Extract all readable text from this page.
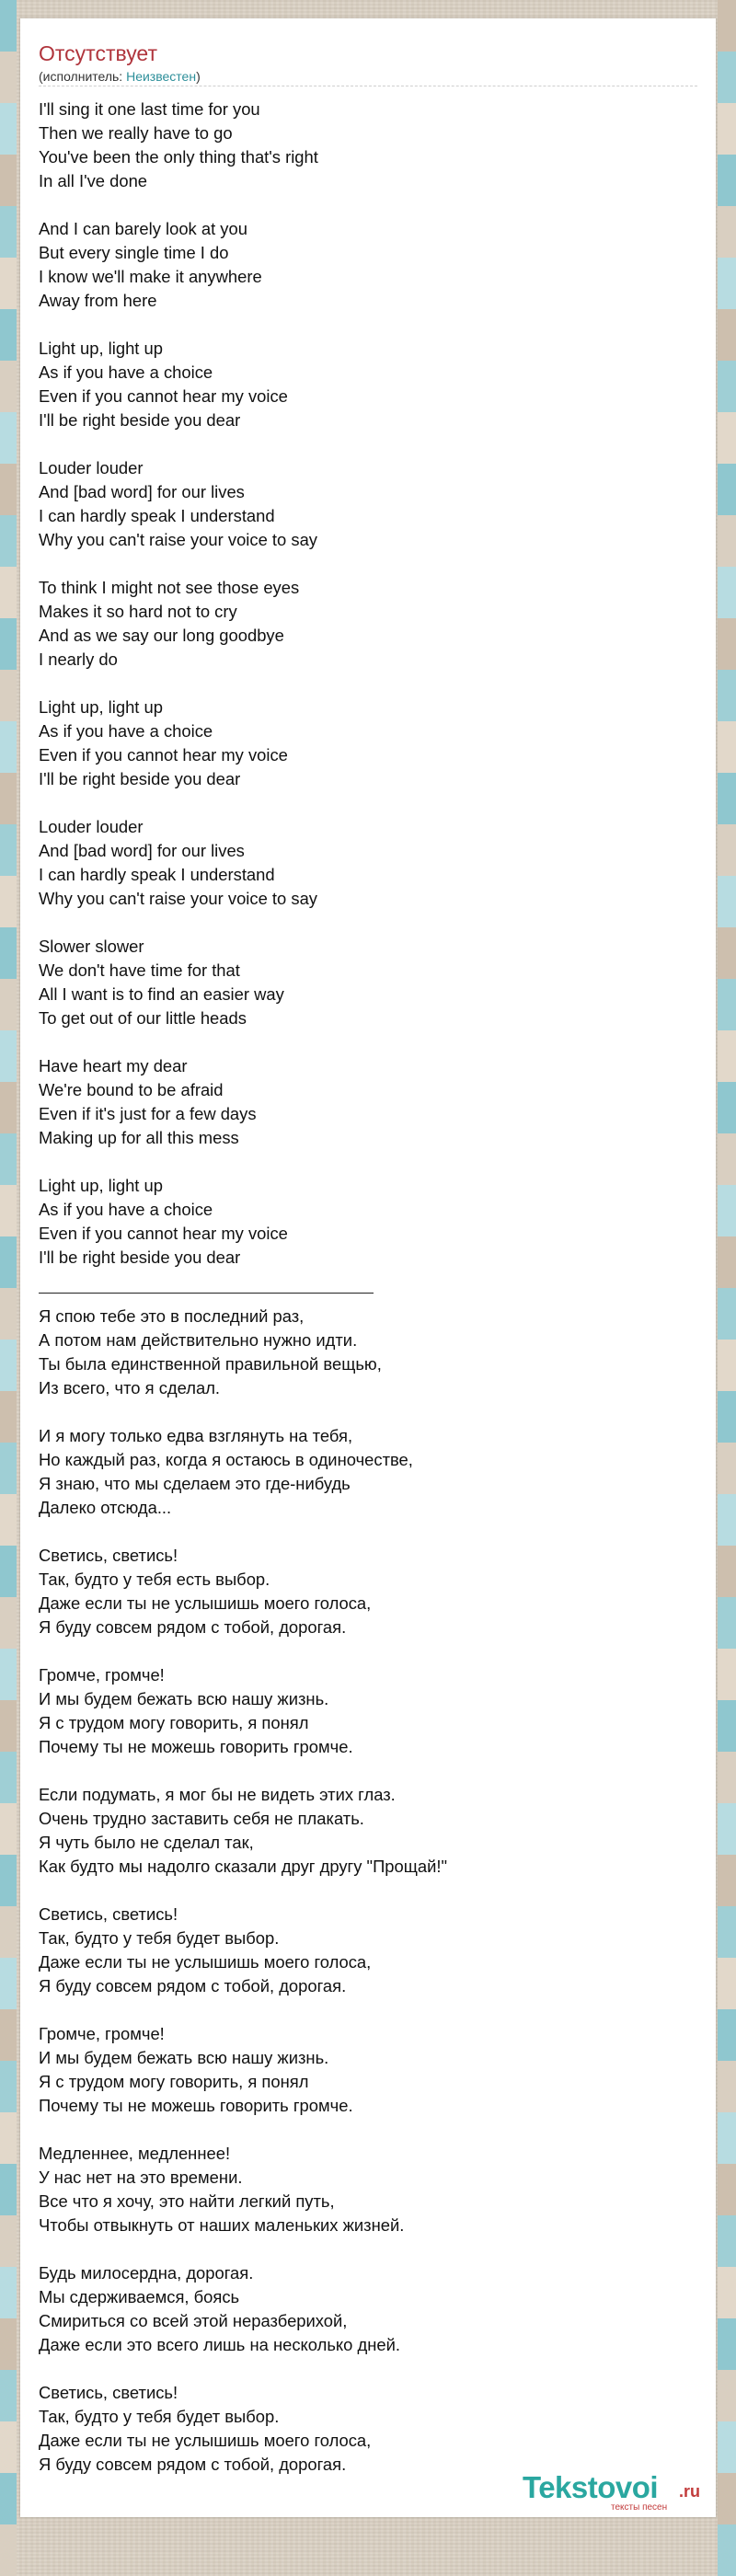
Отсутствует
(исполнитель: Неизвестен)
I'll sing it one last time for you
Then we really have to go
You've been the only thing that's right
In all I've done
And I can barely look at you
But every single time I do
I know we'll make it anywhere
Away from here
Light up, light up
As if you have a choice
Even if you cannot hear my voice
I'll be right beside you dear
Louder louder
And [bad word] for our lives
I can hardly speak I understand
Why you can't raise your voice to say
To think I might not see those eyes
Makes it so hard not to cry
And as we say our long goodbye
I nearly do
Light up, light up
As if you have a choice
Even if you cannot hear my voice
I'll be right beside you dear
Louder louder
And [bad word] for our lives
I can hardly speak I understand
Why you can't raise your voice to say
Slower slower
We don't have time for that
All I want is to find an easier way
To get out of our little heads
Have heart my dear
We're bound to be afraid
Even if it's just for a few days
Making up for all this mess
Light up, light up
As if you have a choice
Even if you cannot hear my voice
I'll be right beside you dear
Я спою тебе это в последний раз,
А потом нам действительно нужно идти.
Ты была единственной правильной вещью,
Из всего, что я сделал.
И я могу только едва взглянуть на тебя,
Но каждый раз, когда я остаюсь в одиночестве,
Я знаю, что мы сделаем это где-нибудь
Далеко отсюда...
Светись, светись!
Так, будто у тебя есть выбор.
Даже если ты не услышишь моего голоса,
Я буду совсем рядом с тобой, дорогая.
Громче, громче!
И мы будем бежать всю нашу жизнь.
Я с трудом могу говорить, я понял
Почему ты не можешь говорить громче.
Если подумать, я мог бы не видеть этих глаз.
Очень трудно заставить себя не плакать.
Я чуть было не сделал так,
Как будто мы надолго сказали друг другу "Прощай!"
Светись, светись!
Так, будто у тебя будет выбор.
Даже если ты не услышишь моего голоса,
Я буду совсем рядом с тобой, дорогая.
Громче, громче!
И мы будем бежать всю нашу жизнь.
Я с трудом могу говорить, я понял
Почему ты не можешь говорить громче.
Медленнее, медленнее!
У нас нет на это времени.
Все что я хочу, это найти легкий путь,
Чтобы отвыкнуть от наших маленьких жизней.
Будь милосердна, дорогая.
Мы сдерживаемся, боясь
Смириться со всей этой неразберихой,
Даже если это всего лишь на несколько дней.
Светись, светись!
Так, будто у тебя будет выбор.
Даже если ты не услышишь моего голоса,
Я буду совсем рядом с тобой, дорогая.
Tekstovoi .ru
тексты песен
